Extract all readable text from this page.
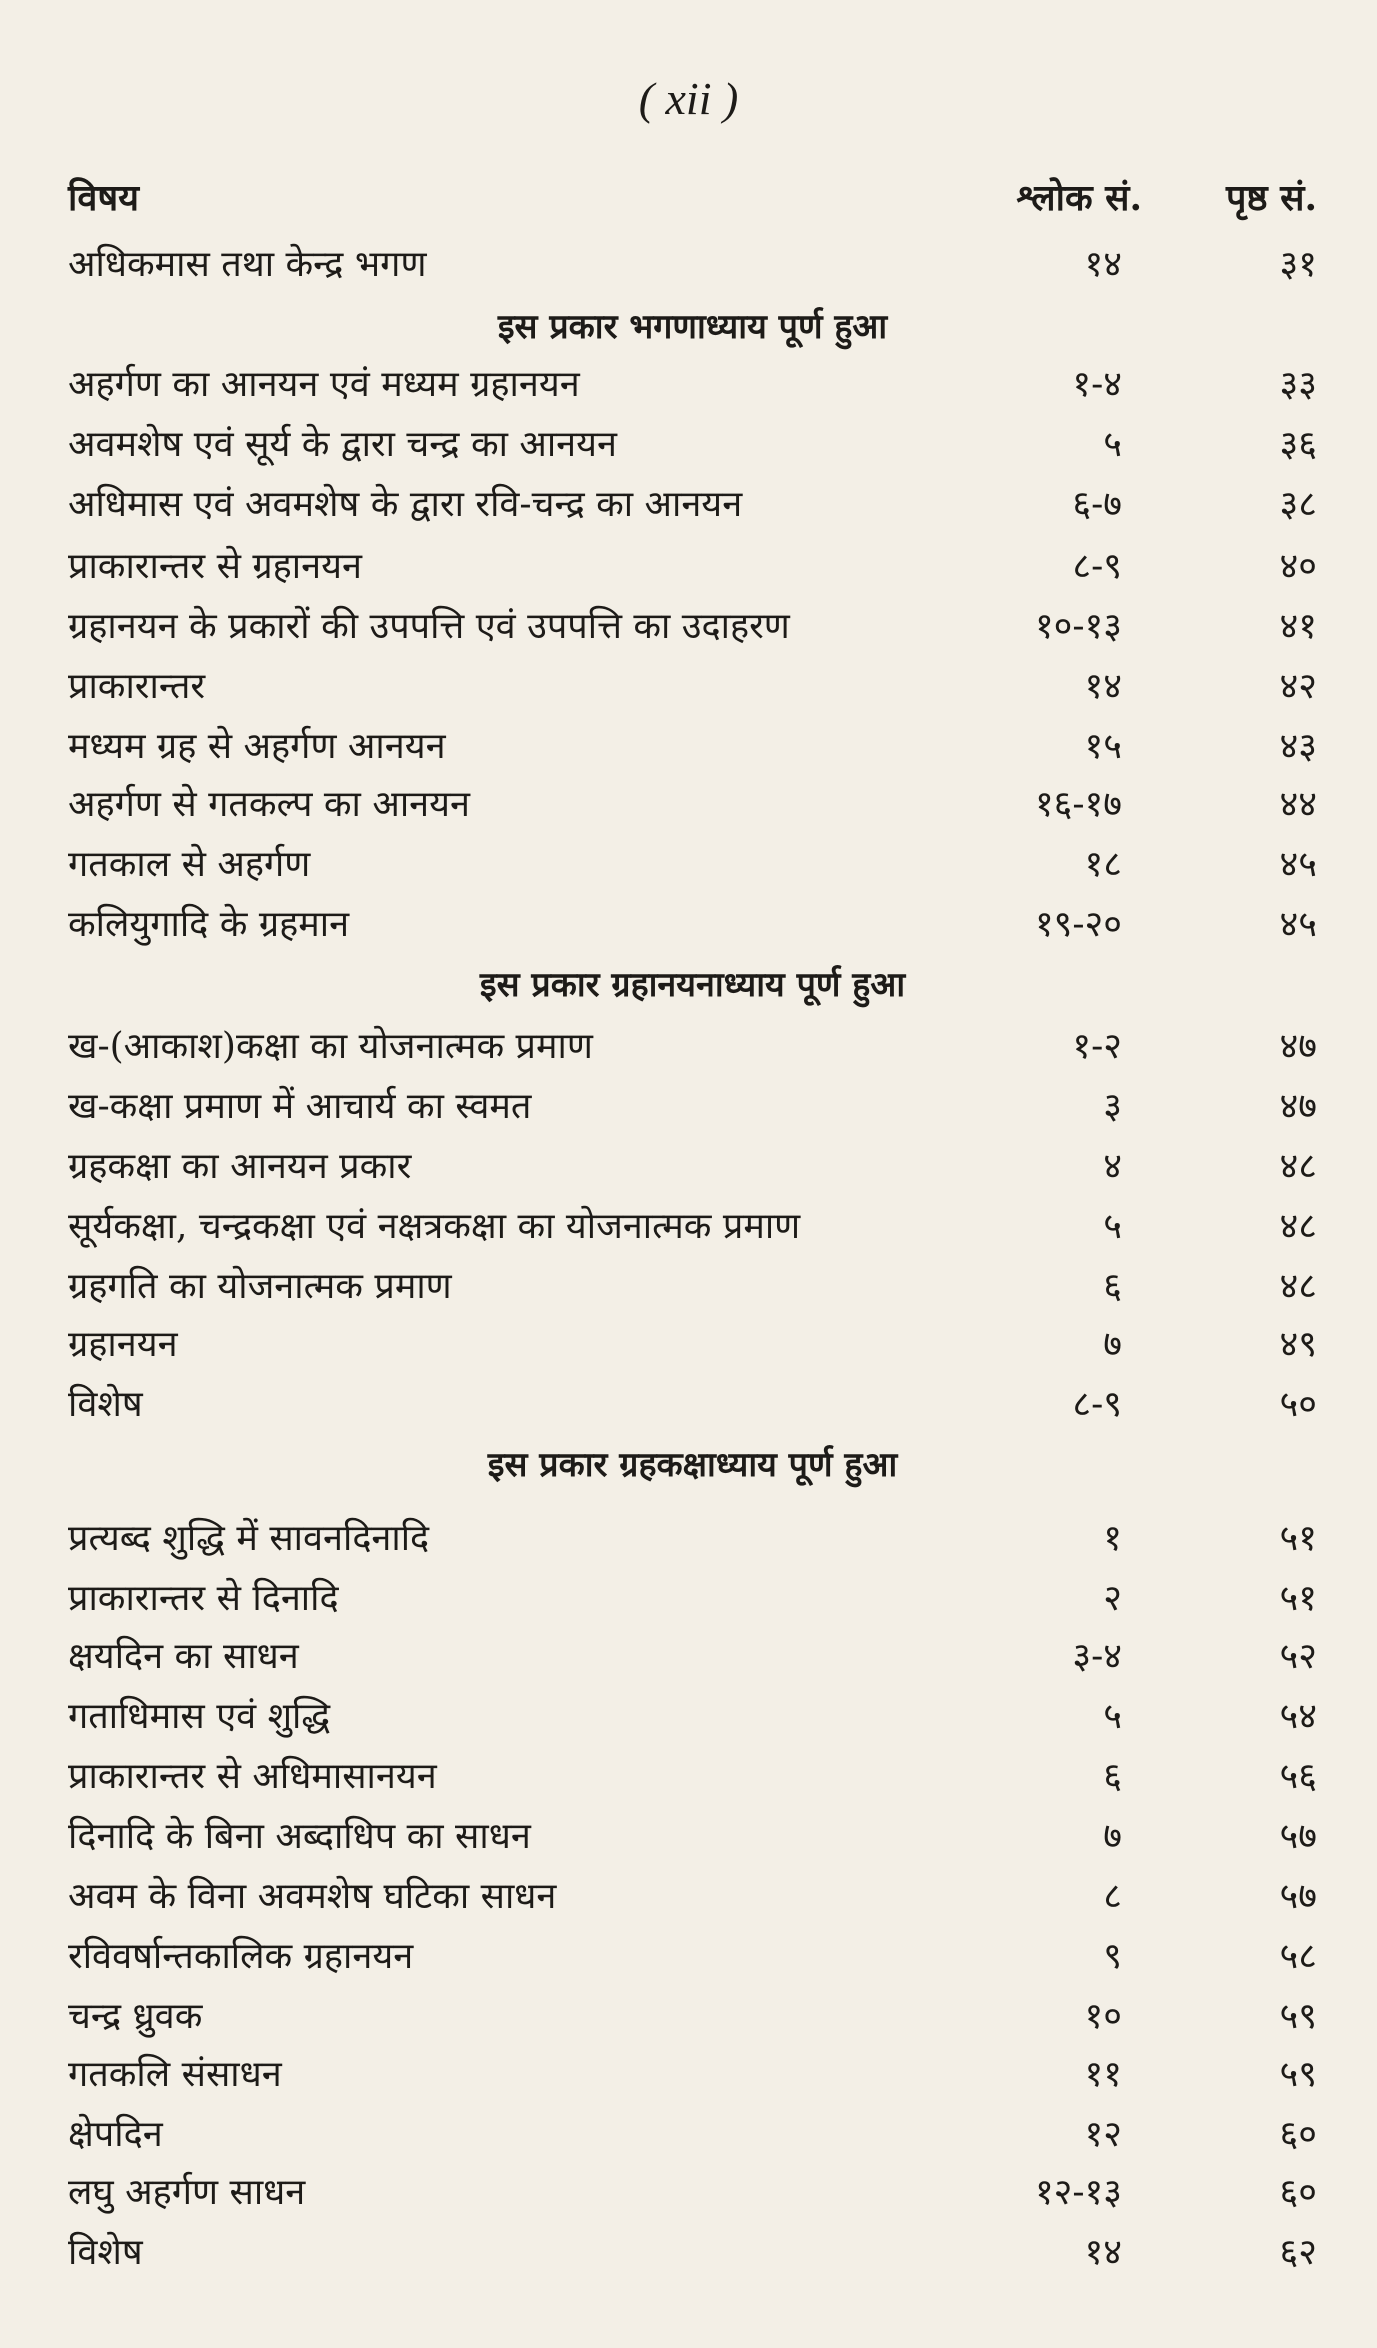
( xii )
विषय	श्लोक सं. पृष्ठ सं.
अधिकमास तथा केन्द्र भगण	१४	३१
इस प्रकार भगणाध्याय पूर्ण हुआ
अहर्गण का आनयन एवं मध्यम ग्रहानयन	१-४	३३
अवमशेष एवं सूर्य के द्वारा चन्द्र का आनयन	५	३६
अधिमास एवं अवमशेष के द्वारा रवि-चन्द्र का आनयन	६-७	३८
प्राकारान्तर से ग्रहानयन	८-९	४०
ग्रहानयन के प्रकारों की उपपत्ति एवं उपपत्ति का उदाहरण	१०-१३	४१
प्राकारान्तर	१४	४२
मध्यम ग्रह से अहर्गण आनयन	१५	४३
अहर्गण से गतकल्प का आनयन	१६-१७	४४
गतकाल से अहर्गण	१८	४५
कलियुगादि के ग्रहमान	१९-२०	४५
इस प्रकार ग्रहानयनाध्याय पूर्ण हुआ
ख-(आकाश)कक्षा का योजनात्मक प्रमाण	१-२	४७
ख-कक्षा प्रमाण में आचार्य का स्वमत	३	४७
ग्रहकक्षा का आनयन प्रकार	४	४८
सूर्यकक्षा, चन्द्रकक्षा एवं नक्षत्रकक्षा का योजनात्मक प्रमाण	५	४८
ग्रहगति का योजनात्मक प्रमाण	६	४८
ग्रहानयन	७	४९
विशेष	८-९	५०
इस प्रकार ग्रहकक्षाध्याय पूर्ण हुआ
प्रत्यब्द शुद्धि में सावनदिनादि	१	५१
प्राकारान्तर से दिनादि	२	५१
क्षयदिन का साधन	३-४	५२
गताधिमास एवं शुद्धि	५	५४
प्राकारान्तर से अधिमासानयन	६	५६
दिनादि के बिना अब्दाधिप का साधन	७	५७
अवम के विना अवमशेष घटिका साधन	८	५७
रविवर्षान्तकालिक ग्रहानयन	९	५८
चन्द्र ध्रुवक	१०	५९
गतकलि संसाधन	११	५९
क्षेपदिन	१२	६०
लघु अहर्गण साधन	१२-१३	६०
विशेष	१४	६२
